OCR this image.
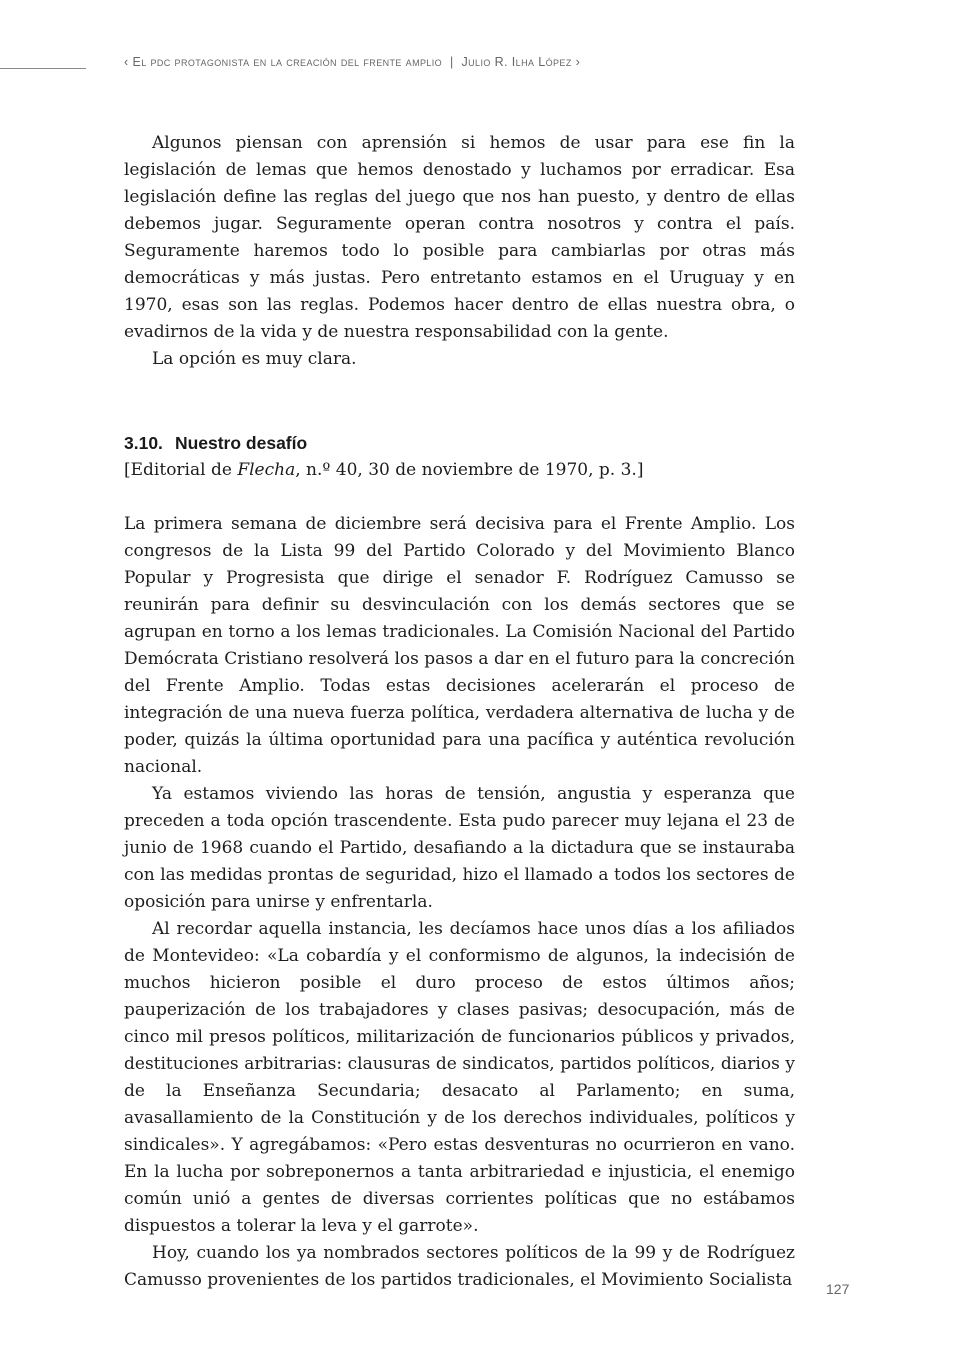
‹ El pdc protagonista en la creación del frente amplio | Julio R. Ilha López ›

Algunos piensan con aprensión si hemos de usar para ese fin la legislación de lemas que hemos denostado y luchamos por erradicar. Esa legislación define las reglas del juego que nos han puesto, y dentro de ellas debemos jugar. Seguramente operan contra nosotros y contra el país. Seguramente haremos todo lo posible para cambiarlas por otras más democráticas y más justas. Pero entretanto estamos en el Uruguay y en 1970, esas son las reglas. Podemos hacer dentro de ellas nuestra obra, o evadirnos de la vida y de nuestra responsabilidad con la gente.

La opción es muy clara.

3.10. Nuestro desafío

[Editorial de Flecha, n.º 40, 30 de noviembre de 1970, p. 3.]

La primera semana de diciembre será decisiva para el Frente Amplio. Los congresos de la Lista 99 del Partido Colorado y del Movimiento Blanco Popular y Progresista que dirige el senador F. Rodríguez Camusso se reunirán para definir su desvinculación con los demás sectores que se agrupan en torno a los lemas tradicionales. La Comisión Nacional del Partido Demócrata Cristiano resolverá los pasos a dar en el futuro para la concreción del Frente Amplio. Todas estas decisiones acelerarán el proceso de integración de una nueva fuerza política, verdadera alternativa de lucha y de poder, quizás la última oportunidad para una pacífica y auténtica revolución nacional.

Ya estamos viviendo las horas de tensión, angustia y esperanza que preceden a toda opción trascendente. Esta pudo parecer muy lejana el 23 de junio de 1968 cuando el Partido, desafiando a la dictadura que se instauraba con las medidas prontas de seguridad, hizo el llamado a todos los sectores de oposición para unirse y enfrentarla.

Al recordar aquella instancia, les decíamos hace unos días a los afiliados de Montevideo: «La cobardía y el conformismo de algunos, la indecisión de muchos hicieron posible el duro proceso de estos últimos años; pauperización de los trabajadores y clases pasivas; desocupación, más de cinco mil presos políticos, militarización de funcionarios públicos y privados, destituciones arbitrarias: clausuras de sindicatos, partidos políticos, diarios y de la Enseñanza Secundaria; desacato al Parlamento; en suma, avasallamiento de la Constitución y de los derechos individuales, políticos y sindicales». Y agregábamos: «Pero estas desventuras no ocurrieron en vano. En la lucha por sobreponernos a tanta arbitrariedad e injusticia, el enemigo común unió a gentes de diversas corrientes políticas que no estábamos dispuestos a tolerar la leva y el garrote».

Hoy, cuando los ya nombrados sectores políticos de la 99 y de Rodríguez Camusso provenientes de los partidos tradicionales, el Movimiento Socialista 127
